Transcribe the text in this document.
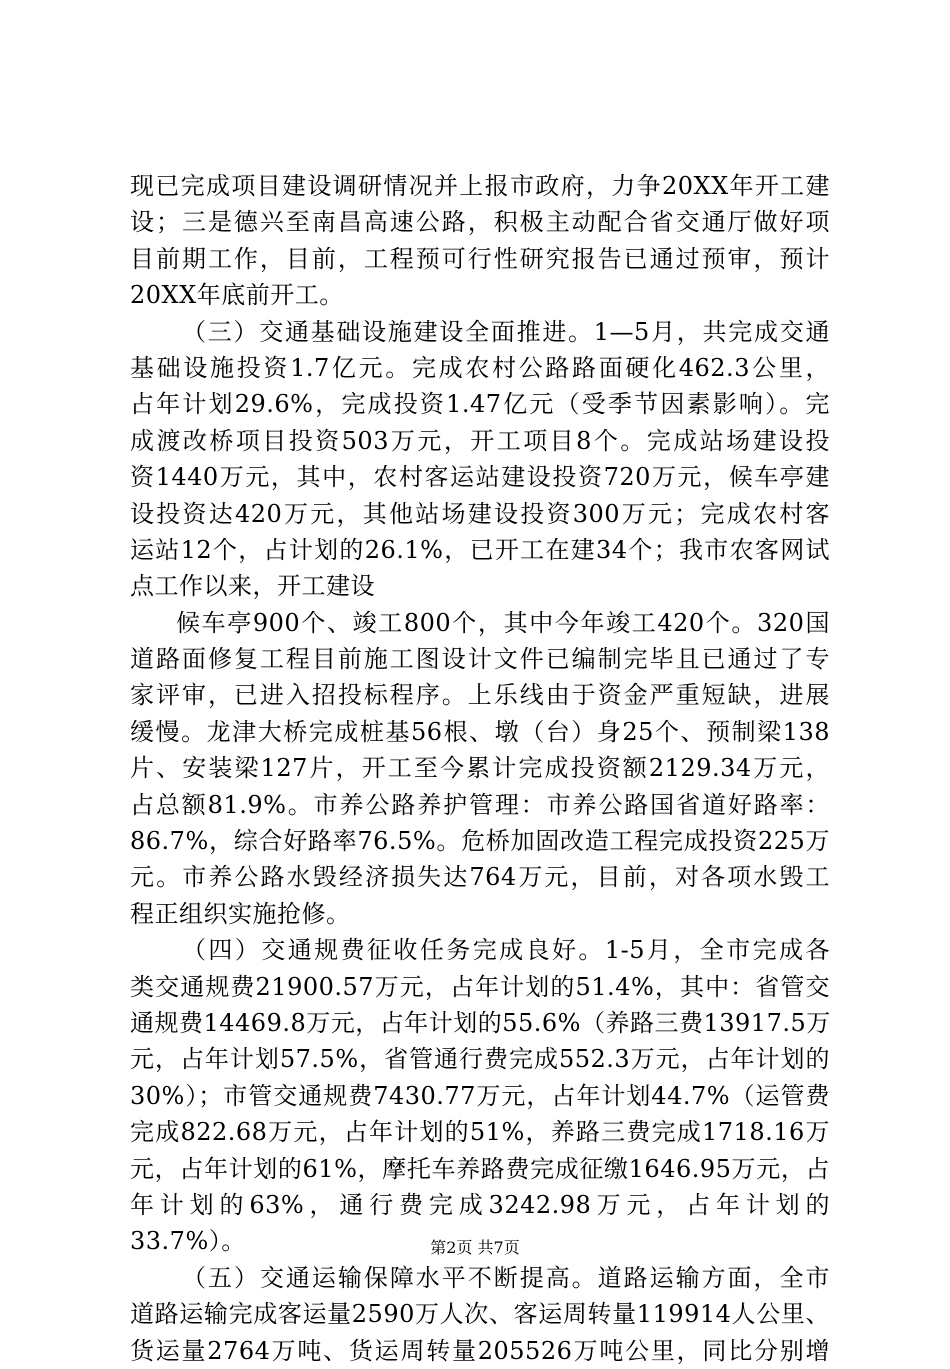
现已完成项目建设调研情况并上报市政府，力争20XX年开工建
设；三是德兴至南昌高速公路，积极主动配合省交通厅做好项
目前期工作，目前，工程预可行性研究报告已通过预审，预计
20XX年底前开工。
（三）交通基础设施建设全面推进。1—5月，共完成交通
基础设施投资1.7亿元。完成农村公路路面硬化462.3公里，
占年计划29.6%，完成投资1.47亿元（受季节因素影响）。完
成渡改桥项目投资503万元，开工项目8个。完成站场建设投
资1440万元，其中，农村客运站建设投资720万元，候车亭建
设投资达420万元，其他站场建设投资300万元；完成农村客
运站12个，占计划的26.1%，已开工在建34个；我市农客网试
点工作以来，开工建设
候车亭900个、竣工800个，其中今年竣工420个。320国
道路面修复工程目前施工图设计文件已编制完毕且已通过了专
家评审，已进入招投标程序。上乐线由于资金严重短缺，进展
缓慢。龙津大桥完成桩基56根、墩（台）身25个、预制梁138
片、安装梁127片，开工至今累计完成投资额2129.34万元，
占总额81.9%。市养公路养护管理：市养公路国省道好路率：
86.7%，综合好路率76.5%。危桥加固改造工程完成投资225万
元。市养公路水毁经济损失达764万元，目前，对各项水毁工
程正组织实施抢修。
（四）交通规费征收任务完成良好。1-5月，全市完成各
类交通规费21900.57万元，占年计划的51.4%，其中：省管交
通规费14469.8万元，占年计划的55.6%（养路三费13917.5万
元，占年计划57.5%，省管通行费完成552.3万元，占年计划的
30%）；市管交通规费7430.77万元，占年计划44.7%（运管费
完成822.68万元，占年计划的51%，养路三费完成1718.16万
元，占年计划的61%，摩托车养路费完成征缴1646.95万元，占
年计划的63%，通行费完成3242.98万元，占年计划的
33.7%）。
（五）交通运输保障水平不断提高。道路运输方面，全市
道路运输完成客运量2590万人次、客运周转量119914人公里、
货运量2764万吨、货运周转量205526万吨公里，同比分别增
第2页 共7页
